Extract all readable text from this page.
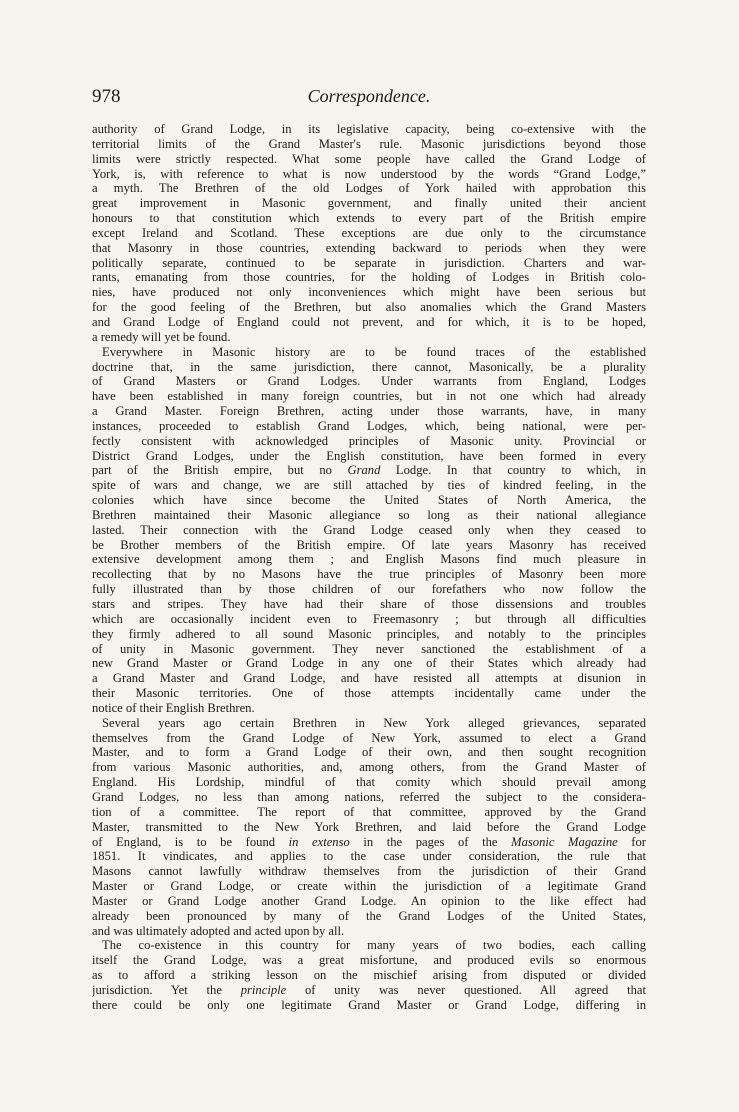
978	Correspondence.
authority of Grand Lodge, in its legislative capacity, being co-extensive with the
territorial limits of the Grand Master's rule. Masonic jurisdictions beyond those
limits were strictly respected. What some people have called the Grand Lodge of
York, is, with reference to what is now understood by the words “Grand Lodge,”
a myth. The Brethren of the old Lodges of York hailed with approbation this
great improvement in Masonic government, and finally united their ancient
honours to that constitution which extends to every part of the British empire
except Ireland and Scotland. These exceptions are due only to the circumstance
that Masonry in those countries, extending backward to periods when they were
politically separate, continued to be separate in jurisdiction. Charters and war-
rants, emanating from those countries, for the holding of Lodges in British colo-
nies, have produced not only inconveniences which might have been serious but
for the good feeling of the Brethren, but also anomalies which the Grand Masters
and Grand Lodge of England could not prevent, and for which, it is to be hoped,
a remedy will yet be found.
Everywhere in Masonic history are to be found traces of the established
doctrine that, in the same jurisdiction, there cannot, Masonically, be a plurality
of Grand Masters or Grand Lodges. Under warrants from England, Lodges
have been established in many foreign countries, but in not one which had already
a Grand Master. Foreign Brethren, acting under those warrants, have, in many
instances, proceeded to establish Grand Lodges, which, being national, were per-
fectly consistent with acknowledged principles of Masonic unity. Provincial or
District Grand Lodges, under the English constitution, have been formed in every
part of the British empire, but no Grand Lodge. In that country to which, in
spite of wars and change, we are still attached by ties of kindred feeling, in the
colonies which have since become the United States of North America, the
Brethren maintained their Masonic allegiance so long as their national allegiance
lasted. Their connection with the Grand Lodge ceased only when they ceased to
be Brother members of the British empire. Of late years Masonry has received
extensive development among them ; and English Masons find much pleasure in
recollecting that by no Masons have the true principles of Masonry been more
fully illustrated than by those children of our forefathers who now follow the
stars and stripes. They have had their share of those dissensions and troubles
which are occasionally incident even to Freemasonry ; but through all difficulties
they firmly adhered to all sound Masonic principles, and notably to the principles
of unity in Masonic government. They never sanctioned the establishment of a
new Grand Master or Grand Lodge in any one of their States which already had
a Grand Master and Grand Lodge, and have resisted all attempts at disunion in
their Masonic territories. One of those attempts incidentally came under the
notice of their English Brethren.
Several years ago certain Brethren in New York alleged grievances, separated
themselves from the Grand Lodge of New York, assumed to elect a Grand
Master, and to form a Grand Lodge of their own, and then sought recognition
from various Masonic authorities, and, among others, from the Grand Master of
England. His Lordship, mindful of that comity which should prevail among
Grand Lodges, no less than among nations, referred the subject to the considera-
tion of a committee. The report of that committee, approved by the Grand
Master, transmitted to the New York Brethren, and laid before the Grand Lodge
of England, is to be found in extenso in the pages of the Masonic Magazine for
1851. It vindicates, and applies to the case under consideration, the rule that
Masons cannot lawfully withdraw themselves from the jurisdiction of their Grand
Master or Grand Lodge, or create within the jurisdiction of a legitimate Grand
Master or Grand Lodge another Grand Lodge. An opinion to the like effect had
already been pronounced by many of the Grand Lodges of the United States,
and was ultimately adopted and acted upon by all.
The co-existence in this country for many years of two bodies, each calling
itself the Grand Lodge, was a great misfortune, and produced evils so enormous
as to afford a striking lesson on the mischief arising from disputed or divided
jurisdiction. Yet the principle of unity was never questioned. All agreed that
there could be only one legitimate Grand Master or Grand Lodge, differing in
